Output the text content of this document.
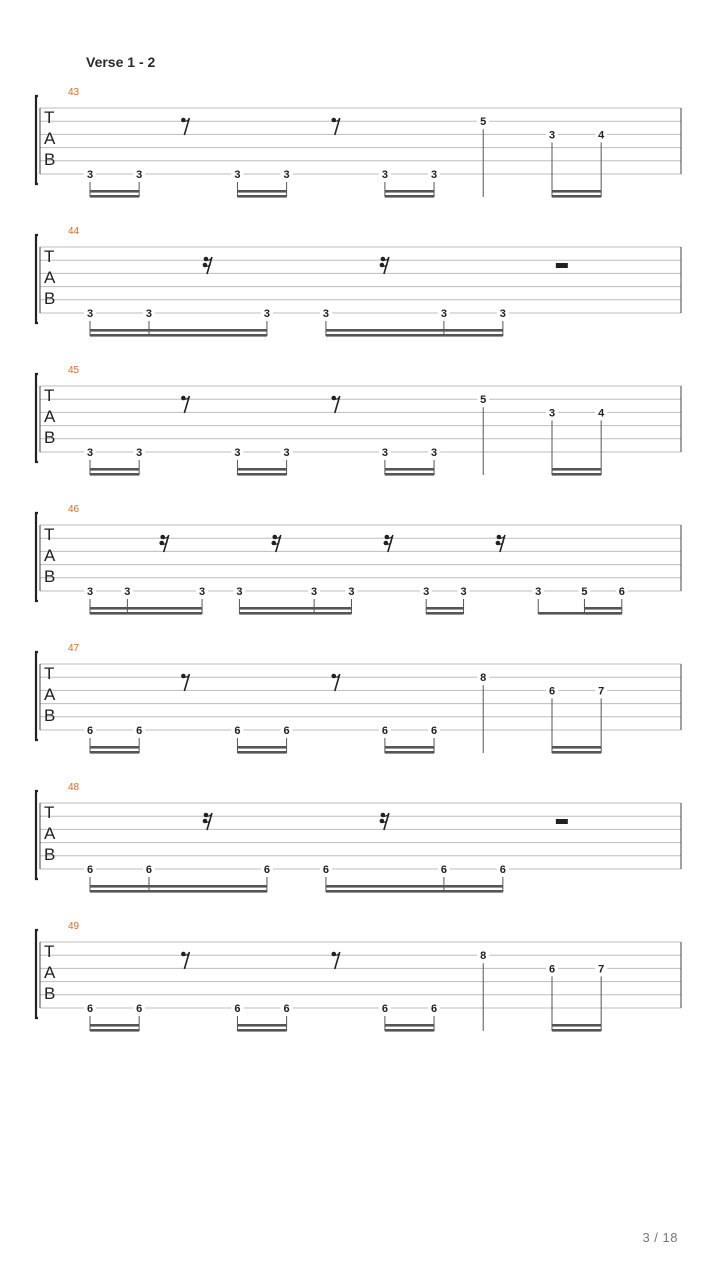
Verse 1 - 2
T
A
B
43
3	3	3	3	3	3
5
3	4
T
A
B
44
3	3	3	3	3	3
T
A
B
45
3	3	3	3	3	3
5
3	4
T
A
B
46
3	3	3	3	3	3	3	3	3	5	6
T
A
B
47
6	6	6	6	6	6
8
6	7
T
A
B
48
6	6	6	6	6	6
T
A
B
49
6	6	6	6	6	6
8
6	7
3 / 18
